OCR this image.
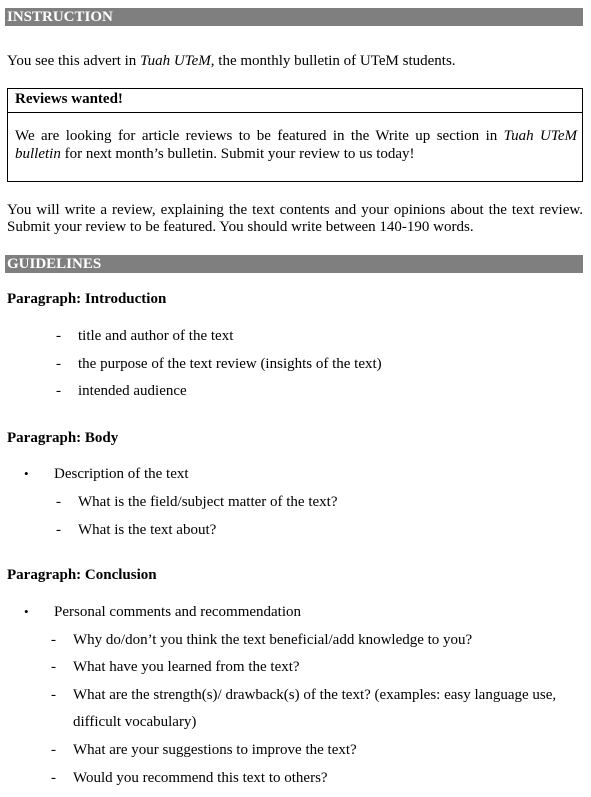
INSTRUCTION
You see this advert in Tuah UTeM, the monthly bulletin of UTeM students.
Reviews wanted!
We are looking for article reviews to be featured in the Write up section in Tuah UTeM bulletin for next month’s bulletin. Submit your review to us today!
You will write a review, explaining the text contents and your opinions about the text review. Submit your review to be featured. You should write between 140-190 words.
GUIDELINES
Paragraph: Introduction
- title and author of the text
- the purpose of the text review (insights of the text)
- intended audience
Paragraph: Body
• Description of the text
- What is the field/subject matter of the text?
- What is the text about?
Paragraph: Conclusion
• Personal comments and recommendation
- Why do/don’t you think the text beneficial/add knowledge to you?
- What have you learned from the text?
- What are the strength(s)/ drawback(s) of the text? (examples: easy language use,
difficult vocabulary)
- What are your suggestions to improve the text?
- Would you recommend this text to others?
